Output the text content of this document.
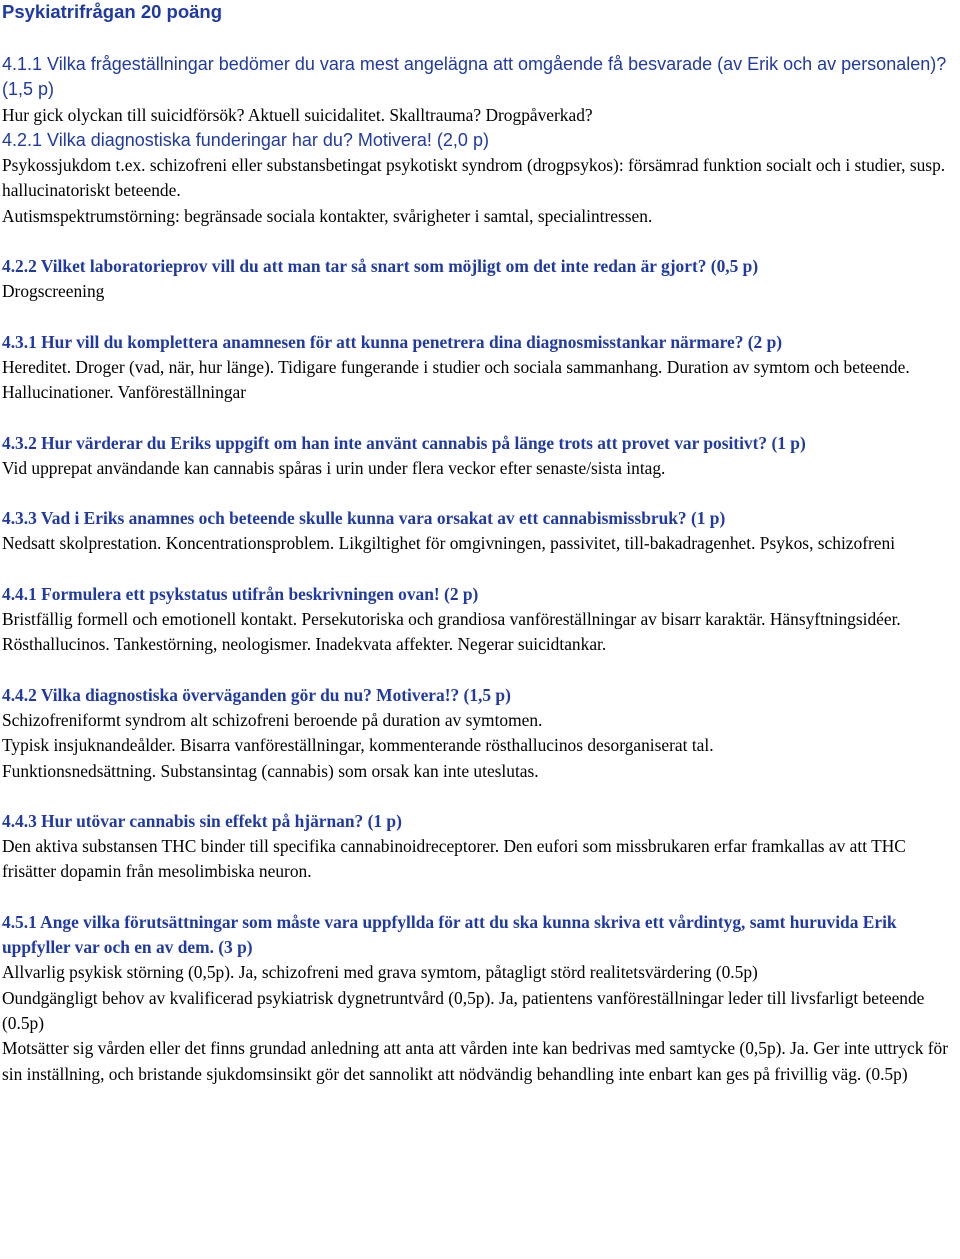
Psykiatrifrågan 20 poäng

4.1.1 Vilka frågeställningar bedömer du vara mest angelägna att omgående få besvarade (av Erik och av personalen)? (1,5 p)

Hur gick olyckan till suicidförsök? Aktuell suicidalitet. Skalltrauma? Drogpåverkad?

4.2.1 Vilka diagnostiska funderingar har du? Motivera! (2,0 p)

Psykossjukdom t.ex. schizofreni eller substansbetingat psykotiskt syndrom (drogpsykos): försämrad funktion socialt och i studier, susp. hallucinatoriskt beteende.

Autismspektrumstörning: begränsade sociala kontakter, svårigheter i samtal, specialintressen.

4.2.2 Vilket laboratorieprov vill du att man tar så snart som möjligt om det inte redan är gjort? (0,5 p)

Drogscreening

4.3.1 Hur vill du komplettera anamnesen för att kunna penetrera dina diagnosmisstankar närmare? (2 p)

Hereditet. Droger (vad, när, hur länge). Tidigare fungerande i studier och sociala sammanhang. Duration av symtom och beteende. Hallucinationer. Vanföreställningar

4.3.2 Hur värderar du Eriks uppgift om han inte använt cannabis på länge trots att provet var positivt? (1 p)

Vid upprepat användande kan cannabis spåras i urin under flera veckor efter senaste/sista intag.

4.3.3 Vad i Eriks anamnes och beteende skulle kunna vara orsakat av ett cannabismissbruk? (1 p)

Nedsatt skolprestation. Koncentrationsproblem. Likgiltighet för omgivningen, passivitet, till-bakadragenhet. Psykos, schizofreni

4.4.1 Formulera ett psykstatus utifrån beskrivningen ovan! (2 p)

Bristfällig formell och emotionell kontakt. Persekutoriska och grandiosa vanföreställningar av bisarr karaktär. Hänsyftningsidéer. Rösthallucinos. Tankestörning, neologismer. Inadekvata affekter. Negerar suicidtankar.

4.4.2 Vilka diagnostiska överväganden gör du nu? Motivera!? (1,5 p)

Schizofreniformt syndrom alt schizofreni beroende på duration av symtomen.

Typisk insjuknandeålder. Bisarra vanföreställningar, kommenterande rösthallucinos desorganiserat tal.

Funktionsnedsättning. Substansintag (cannabis) som orsak kan inte uteslutas.

4.4.3 Hur utövar cannabis sin effekt på hjärnan? (1 p)

Den aktiva substansen THC binder till specifika cannabinoidreceptorer. Den eufori som missbrukaren erfar framkallas av att THC frisätter dopamin från mesolimbiska neuron.

4.5.1 Ange vilka förutsättningar som måste vara uppfyllda för att du ska kunna skriva ett vårdintyg, samt huruvida Erik uppfyller var och en av dem. (3 p)

Allvarlig psykisk störning (0,5p). Ja, schizofreni med grava symtom, påtagligt störd realitetsvärdering (0.5p)

Oundgängligt behov av kvalificerad psykiatrisk dygnetruntvård (0,5p). Ja, patientens vanföreställningar leder till livsfarligt beteende (0.5p)

Motsätter sig vården eller det finns grundad anledning att anta att vården inte kan bedrivas med samtycke (0,5p). Ja. Ger inte uttryck för sin inställning, och bristande sjukdomsinsikt gör det sannolikt att nödvändig behandling inte enbart kan ges på frivillig väg. (0.5p)
